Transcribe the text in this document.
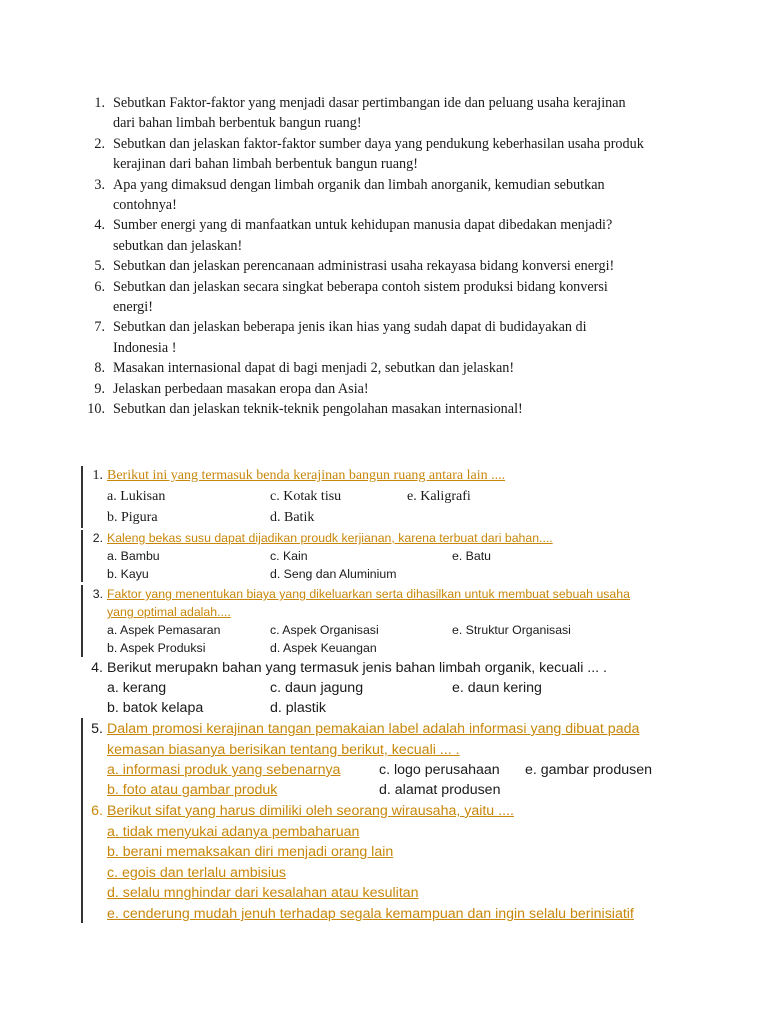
1. Sebutkan Faktor-faktor yang menjadi dasar pertimbangan ide dan peluang usaha kerajinan
dari bahan limbah berbentuk bangun ruang!
2. Sebutkan dan jelaskan faktor-faktor sumber daya yang pendukung keberhasilan usaha produk
kerajinan dari bahan limbah berbentuk bangun ruang!
3. Apa yang dimaksud dengan limbah organik dan limbah anorganik, kemudian sebutkan
contohnya!
4. Sumber energi yang di manfaatkan untuk kehidupan manusia dapat dibedakan menjadi?
sebutkan dan jelaskan!
5. Sebutkan dan jelaskan perencanaan administrasi usaha rekayasa bidang konversi energi!
6. Sebutkan dan jelaskan secara singkat beberapa contoh sistem produksi bidang konversi
energi!
7. Sebutkan dan jelaskan beberapa jenis ikan hias yang sudah dapat di budidayakan di
Indonesia !
8. Masakan internasional dapat di bagi menjadi 2, sebutkan dan jelaskan!
9. Jelaskan perbedaan masakan eropa dan Asia!
10. Sebutkan dan jelaskan teknik-teknik pengolahan masakan internasional!
1. Berikut ini yang termasuk benda kerajinan bangun ruang antara lain ....
a. Lukisan	c. Kotak tisu	e. Kaligrafi
b. Pigura	d. Batik
2. Kaleng bekas susu dapat dijadikan proudk kerjianan, karena terbuat dari bahan....
a. Bambu	c. Kain	e. Batu
b. Kayu	d. Seng dan Aluminium
3. Faktor yang menentukan biaya yang dikeluarkan serta dihasilkan untuk membuat sebuah usaha
yang optimal adalah....
a. Aspek Pemasaran	c. Aspek Organisasi	e. Struktur Organisasi
b. Aspek Produksi	d. Aspek Keuangan
4. Berikut merupakn bahan yang termasuk jenis bahan limbah organik, kecuali ... .
a. kerang	c. daun jagung	e. daun kering
b. batok kelapa	d. plastik
5. Dalam promosi kerajinan tangan pemakaian label adalah informasi yang dibuat pada
kemasan biasanya berisikan tentang berikut, kecuali ... .
a. informasi produk yang sebenarnya	c. logo perusahaan e. gambar produsen
b. foto atau gambar produk	d. alamat produsen
6. Berikut sifat yang harus dimiliki oleh seorang wirausaha, yaitu ....
a. tidak menyukai adanya pembaharuan
b. berani memaksakan diri menjadi orang lain
c. egois dan terlalu ambisius
d. selalu mnghindar dari kesalahan atau kesulitan
e. cenderung mudah jenuh terhadap segala kemampuan dan ingin selalu berinisiatif
